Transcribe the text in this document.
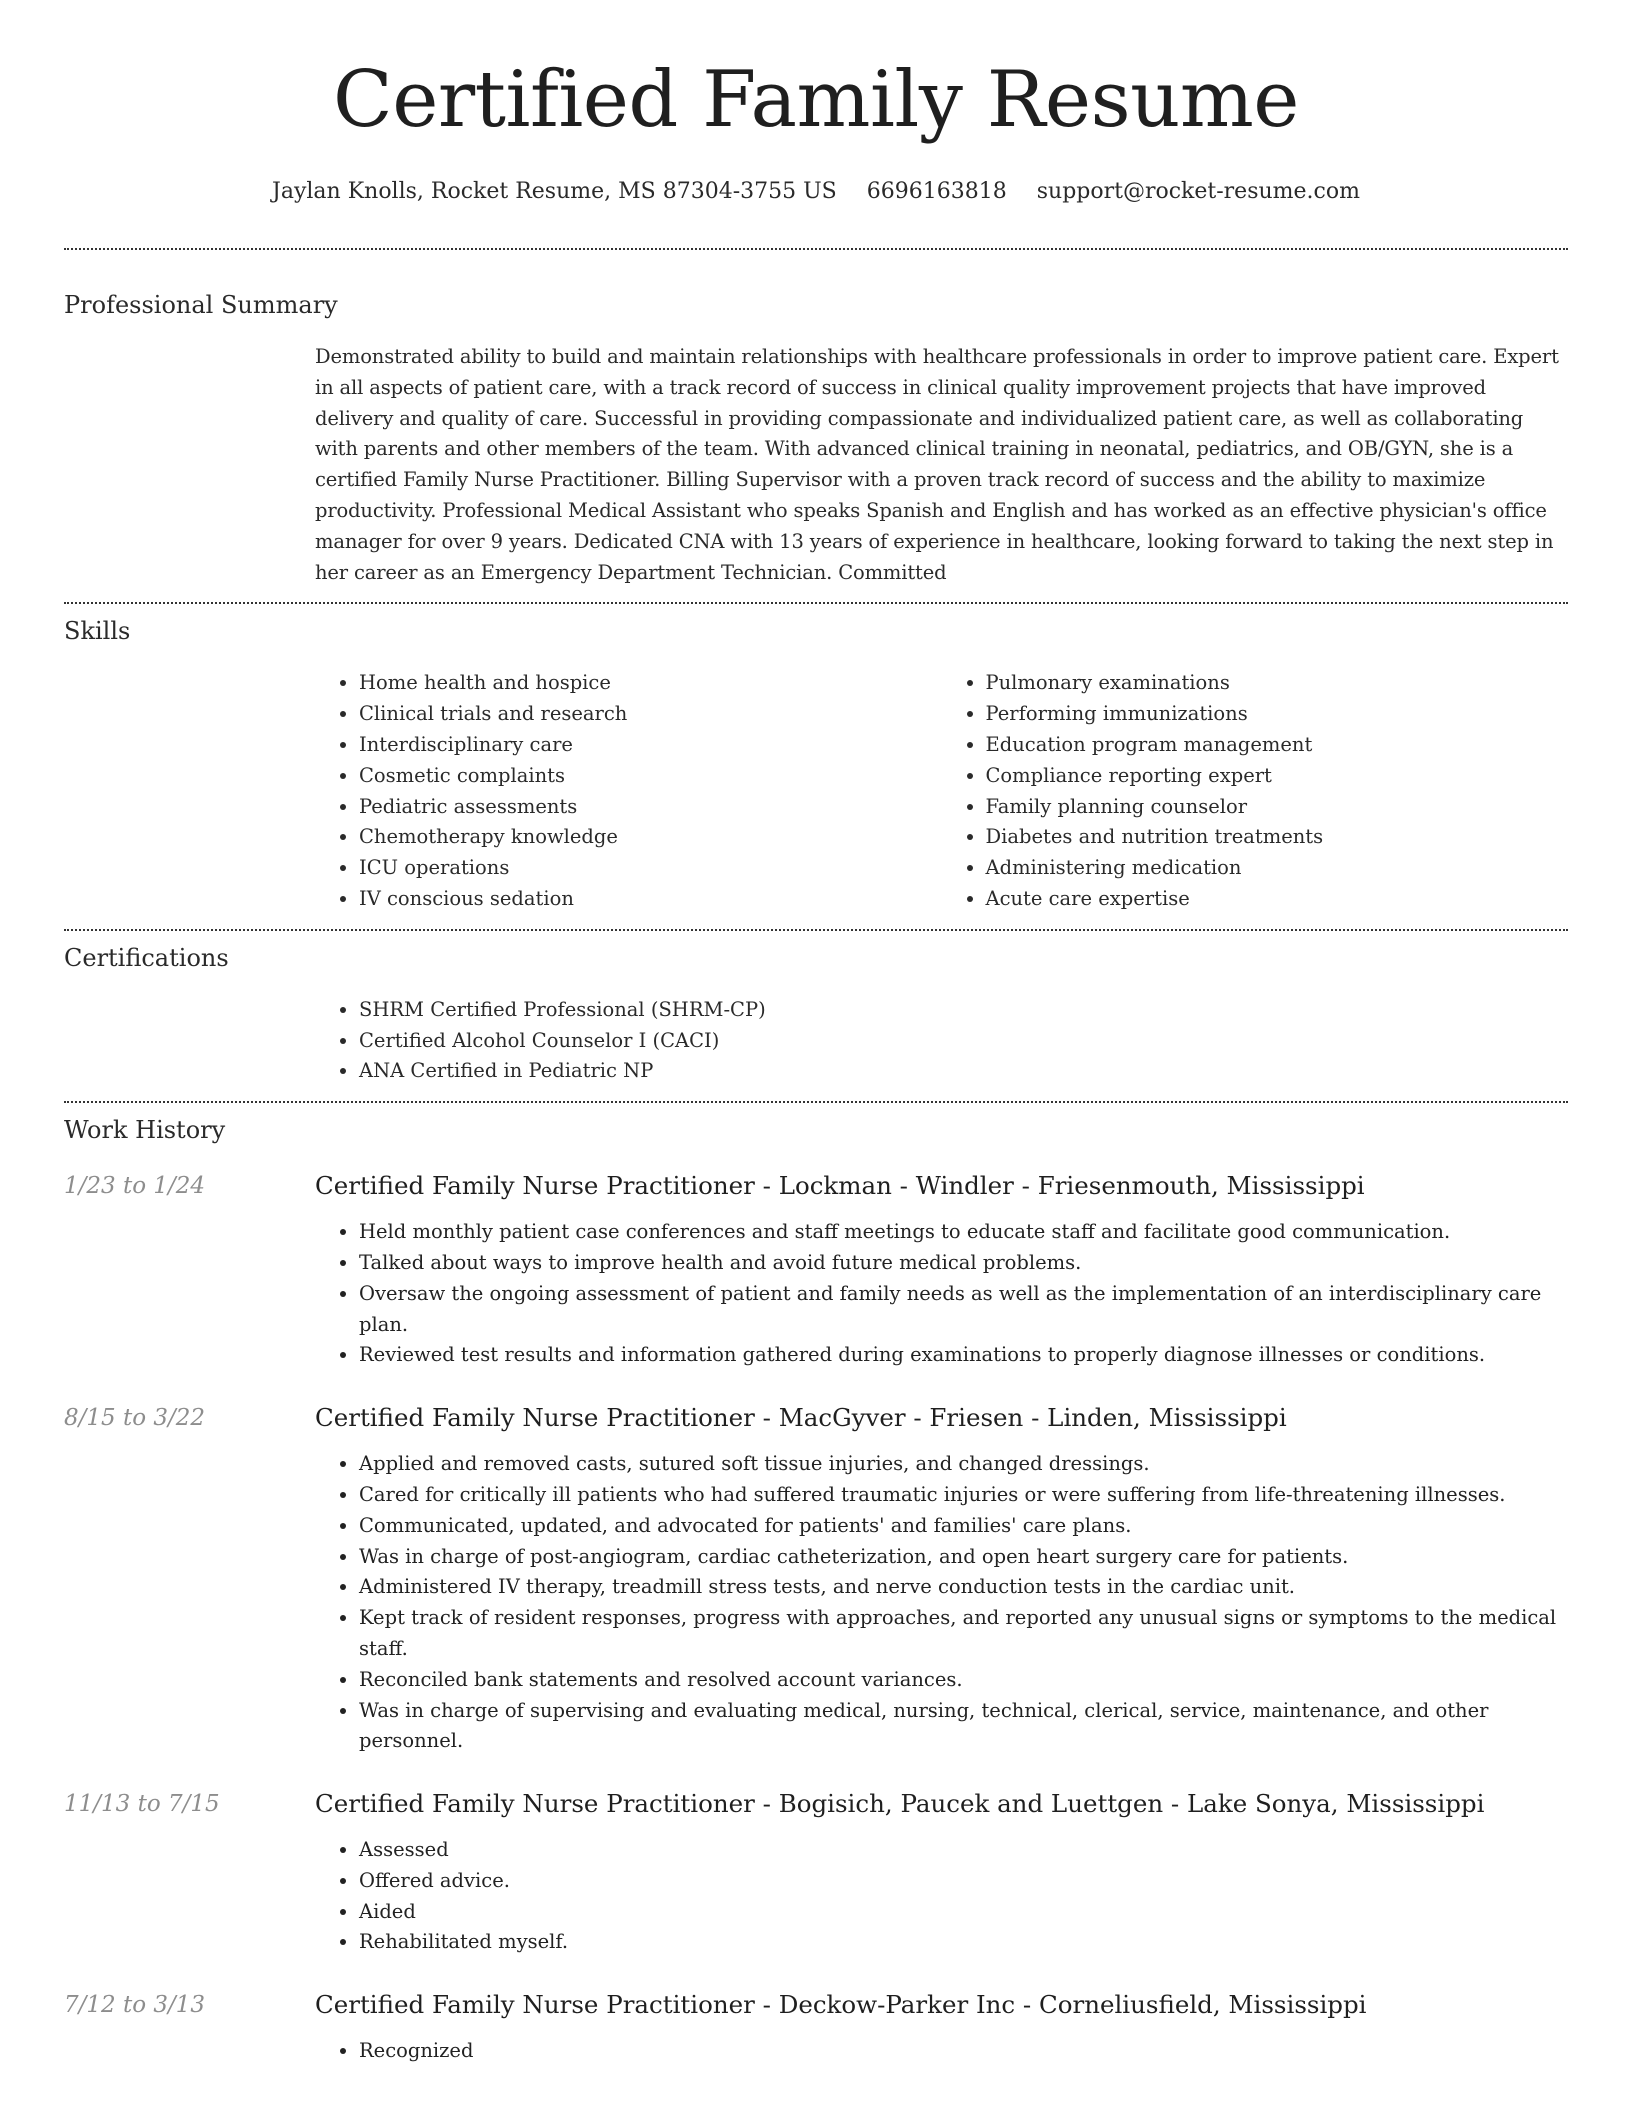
Certified Family Resume
Jaylan Knolls, Rocket Resume, MS 87304-3755 US 6696163818 support@rocket-resume.com
Professional Summary

Demonstrated ability to build and maintain relationships with healthcare professionals in order to improve patient care. Expert in all aspects of patient care, with a track record of success in clinical quality improvement projects that have improved delivery and quality of care. Successful in providing compassionate and individualized patient care, as well as collaborating with parents and other members of the team. With advanced clinical training in neonatal, pediatrics, and OB/GYN, she is a certified Family Nurse Practitioner. Billing Supervisor with a proven track record of success and the ability to maximize productivity. Professional Medical Assistant who speaks Spanish and English and has worked as an effective physician's office manager for over 9 years. Dedicated CNA with 13 years of experience in healthcare, looking forward to taking the next step in her career as an Emergency Department Technician. Committed

Skills
• Home health and hospice
• Clinical trials and research
• Interdisciplinary care
• Cosmetic complaints
• Pediatric assessments
• Chemotherapy knowledge
• ICU operations
• IV conscious sedation
• Pulmonary examinations
• Performing immunizations
• Education program management
• Compliance reporting expert
• Family planning counselor
• Diabetes and nutrition treatments
• Administering medication
• Acute care expertise
Certifications
• SHRM Certified Professional (SHRM-CP)
• Certified Alcohol Counselor I (CACI)
• ANA Certified in Pediatric NP
Work History
1/23 to 1/24	Certified Family Nurse Practitioner - Lockman - Windler - Friesenmouth, Mississippi
• Held monthly patient case conferences and staff meetings to educate staff and facilitate good communication.
• Talked about ways to improve health and avoid future medical problems.
• Oversaw the ongoing assessment of patient and family needs as well as the implementation of an interdisciplinary care plan.
• Reviewed test results and information gathered during examinations to properly diagnose illnesses or conditions.
8/15 to 3/22	Certified Family Nurse Practitioner - MacGyver - Friesen - Linden, Mississippi
• Applied and removed casts, sutured soft tissue injuries, and changed dressings.
• Cared for critically ill patients who had suffered traumatic injuries or were suffering from life-threatening illnesses.
• Communicated, updated, and advocated for patients' and families' care plans.
• Was in charge of post-angiogram, cardiac catheterization, and open heart surgery care for patients.
• Administered IV therapy, treadmill stress tests, and nerve conduction tests in the cardiac unit.
• Kept track of resident responses, progress with approaches, and reported any unusual signs or symptoms to the medical staff.
• Reconciled bank statements and resolved account variances.
• Was in charge of supervising and evaluating medical, nursing, technical, clerical, service, maintenance, and other personnel.
11/13 to 7/15	Certified Family Nurse Practitioner - Bogisich, Paucek and Luettgen - Lake Sonya, Mississippi
• Assessed
• Offered advice.
• Aided
• Rehabilitated myself.
7/12 to 3/13	Certified Family Nurse Practitioner - Deckow-Parker Inc - Corneliusfield, Mississippi
• Recognized
